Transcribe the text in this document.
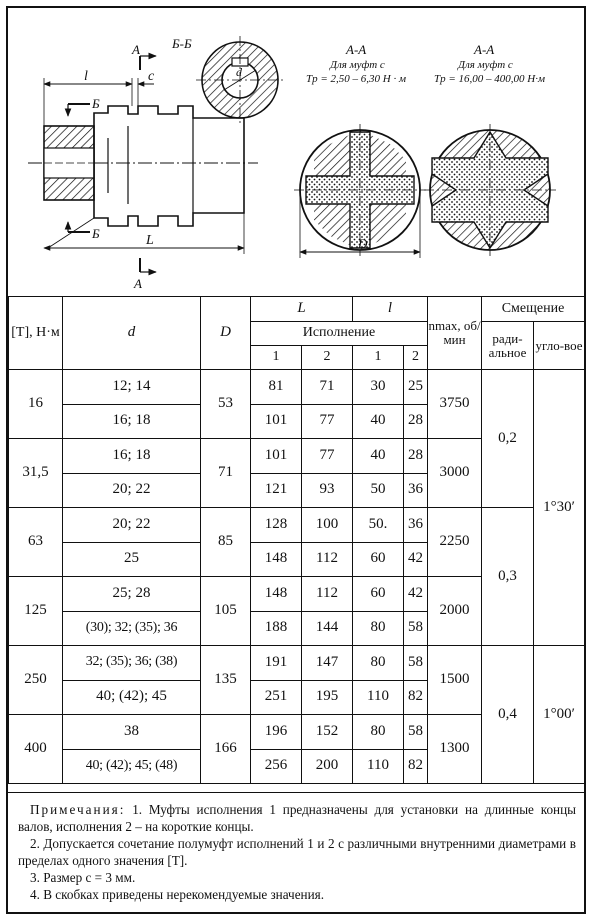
Б-Б
А
А
Б
Б
l	c
L	D
d
А-А
Для муфт с
Tр = 2,50 – 6,30 Н · м
А-А
Для муфт с
Tр = 16,00 – 400,00 Н·м
[T], Н·м	d	D	L		l		nmax, об/мин	Смещение	
			Исполнение					ради-альное	угло-вое
			1	2	1	2			
16	12; 14	53	81	71	30	25	3750	0,2	1°30′
	16; 18		101	77	40	28			
31,5	16; 18	71	101	77	40	28	3000		
	20; 22		121	93	50	36			
63	20; 22	85	128	100	50.	36	2250	0,3	
	25		148	112	60	42			
125	25; 28	105	148	112	60	42	2000		
	(30); 32; (35); 36		188	144	80	58			
250	32; (35); 36; (38)	135	191	147	80	58	1500	0,4	1°00′
	40; (42); 45		251	195	110	82			
400	38	166	196	152	80	58	1300		
	40; (42); 45; (48)		256	200	110	82			

Примечания: 1. Муфты исполнения 1 предназначены для установки на длинные концы валов, исполнения 2 – на короткие концы.

2. Допускается сочетание полумуфт исполнений 1 и 2 с различными внутренними диаметрами в пределах одного значения [T].

3. Размер c = 3 мм.

4. В скобках приведены нерекомендуемые значения.
